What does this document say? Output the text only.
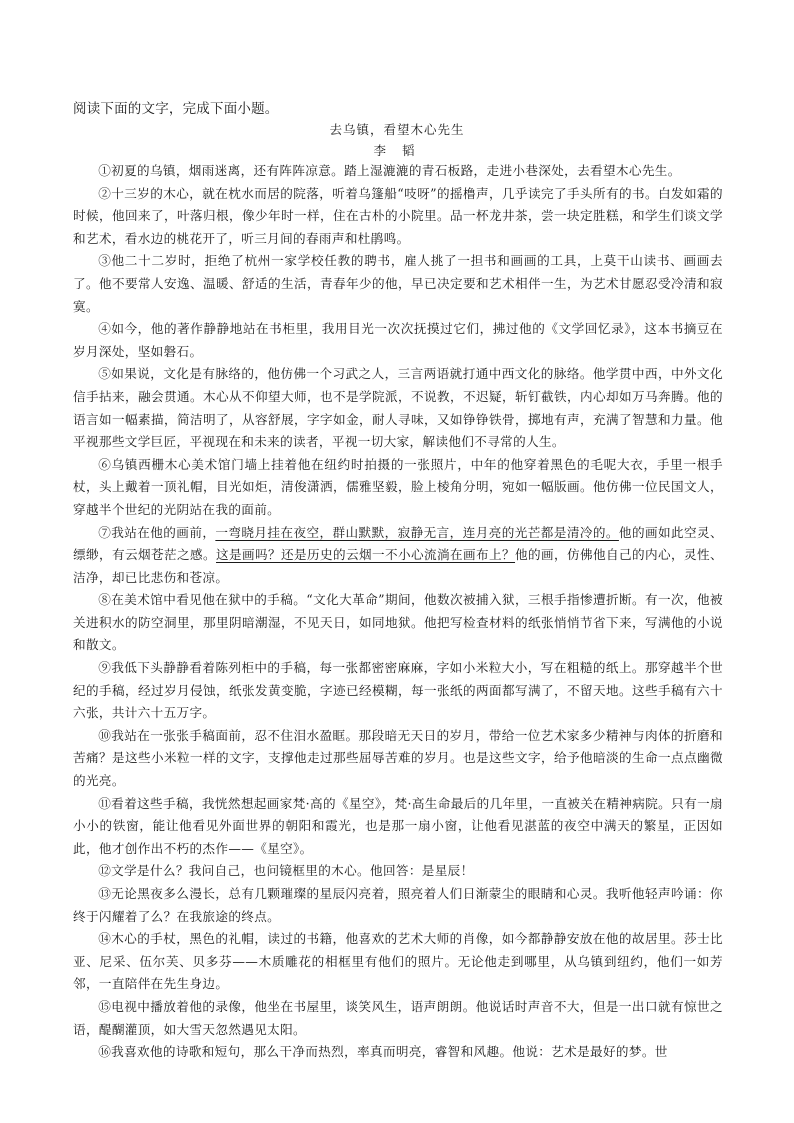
阅读下面的文字，完成下面小题。
去乌镇，看望木心先生
李 韬

①初夏的乌镇，烟雨迷离，还有阵阵凉意。踏上湿漉漉的青石板路，走进小巷深处，去看望木心先生。

②十三岁的木心，就在枕水而居的院落，听着乌篷船“吱呀”的摇橹声，几乎读完了手头所有的书。白发如霜的时候，他回来了，叶落归根，像少年时一样，住在古朴的小院里。品一杯龙井茶，尝一块定胜糕，和学生们谈文学和艺术，看水边的桃花开了，听三月间的春雨声和杜鹃鸣。

③他二十二岁时，拒绝了杭州一家学校任教的聘书，雇人挑了一担书和画画的工具，上莫干山读书、画画去了。他不要常人安逸、温暖、舒适的生活，青春年少的他，早已决定要和艺术相伴一生，为艺术甘愿忍受冷清和寂寞。

④如今，他的著作静静地站在书柜里，我用目光一次次抚摸过它们，拂过他的《文学回忆录》，这本书摘豆在岁月深处，坚如磐石。

⑤如果说，文化是有脉络的，他仿佛一个习武之人，三言两语就打通中西文化的脉络。他学贯中西，中外文化信手拈来，融会贯通。木心从不仰望大师，也不是学院派，不说教，不迟疑，斩钉截铁，内心却如万马奔腾。他的语言如一幅素描，简洁明了，从容舒展，字字如金，耐人寻味，又如铮铮铁骨，掷地有声，充满了智慧和力量。他平视那些文学巨匠，平视现在和未来的读者，平视一切大家，解读他们不寻常的人生。

⑥乌镇西栅木心美术馆门墙上挂着他在纽约时拍摄的一张照片，中年的他穿着黑色的毛呢大衣，手里一根手杖，头上戴着一顶礼帽，目光如炬，清俊潇洒，儒雅坚毅，脸上棱角分明，宛如一幅版画。他仿佛一位民国文人，穿越半个世纪的光阴站在我的面前。

⑦我站在他的画前，一弯晓月挂在夜空，群山默默，寂静无言，连月亮的光芒都是清冷的。他的画如此空灵、缥缈，有云烟苍茫之感。这是画吗？还是历史的云烟一不小心流淌在画布上？他的画，仿佛他自己的内心，灵性、洁净，却已比悲伤和苍凉。

⑧在美术馆中看见他在狱中的手稿。“文化大革命”期间，他数次被捕入狱，三根手指惨遭折断。有一次，他被关进积水的防空洞里，那里阴暗潮湿，不见天日，如同地狱。他把写检查材料的纸张悄悄节省下来，写满他的小说和散文。

⑨我低下头静静看着陈列柜中的手稿，每一张都密密麻麻，字如小米粒大小，写在粗糙的纸上。那穿越半个世纪的手稿，经过岁月侵蚀，纸张发黄变脆，字迹已经模糊，每一张纸的两面都写满了，不留天地。这些手稿有六十六张，共计六十五万字。

⑩我站在一张张手稿面前，忍不住泪水盈眶。那段暗无天日的岁月，带给一位艺术家多少精神与肉体的折磨和苦痛？是这些小米粒一样的文字，支撑他走过那些屈辱苦难的岁月。也是这些文字，给予他暗淡的生命一点点幽微的光亮。

⑪看着这些手稿，我恍然想起画家梵·高的《星空》，梵·高生命最后的几年里，一直被关在精神病院。只有一扇小小的铁窗，能让他看见外面世界的朝阳和霞光，也是那一扇小窗，让他看见湛蓝的夜空中满天的繁星，正因如此，他才创作出不朽的杰作——《星空》。

⑫文学是什么？我问自己，也问镜框里的木心。他回答：是星辰！

⑬无论黑夜多么漫长，总有几颗璀璨的星辰闪亮着，照亮着人们日渐蒙尘的眼睛和心灵。我听他轻声吟诵：你终于闪耀着了么？在我旅途的终点。

⑭木心的手杖，黑色的礼帽，读过的书籍，他喜欢的艺术大师的肖像，如今都静静安放在他的故居里。莎士比亚、尼采、伍尔芙、贝多芬——木质雕花的相框里有他们的照片。无论他走到哪里，从乌镇到纽约，他们一如芳邻，一直陪伴在先生身边。

⑮电视中播放着他的录像，他坐在书屋里，谈笑风生，语声朗朗。他说话时声音不大，但是一出口就有惊世之语，醍醐灌顶，如大雪天忽然遇见太阳。

⑯我喜欢他的诗歌和短句，那么干净而热烈，率真而明亮，睿智和风趣。他说：艺术是最好的梦。世
